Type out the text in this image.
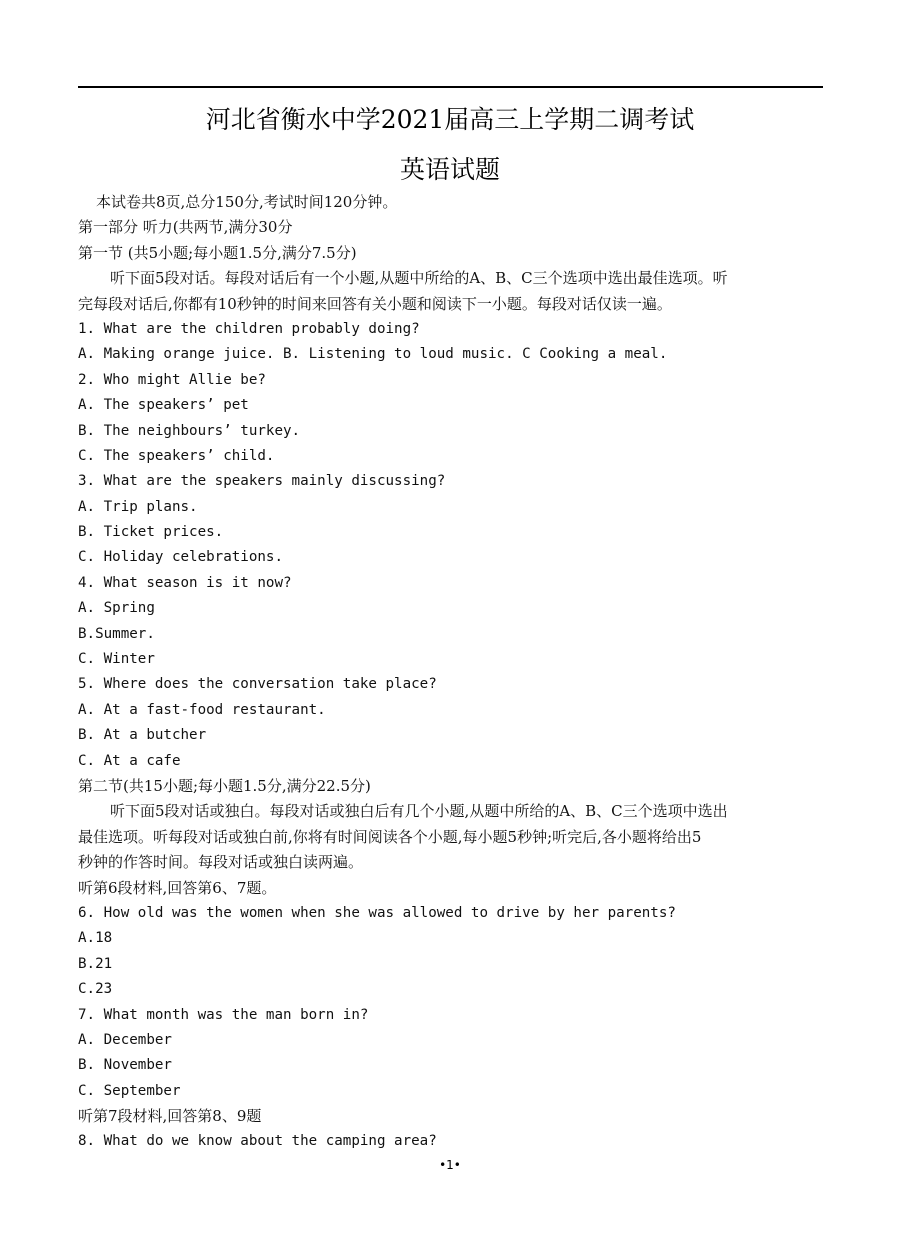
河北省衡水中学2021届高三上学期二调考试
英语试题
本试卷共8页,总分150分,考试时间120分钟。
第一部分 听力(共两节,满分30分
第一节 (共5小题;每小题1.5分,满分7.5分)
听下面5段对话。每段对话后有一个小题,从题中所给的A、B、C三个选项中选出最佳选项。听
完每段对话后,你都有10秒钟的时间来回答有关小题和阅读下一小题。每段对话仅读一遍。
1. What are the children probably doing?
A. Making orange juice. B. Listening to loud music. C Cooking a meal.
2. Who might Allie be?
A. The speakers’ pet
B. The neighbours’ turkey.
C. The speakers’ child.
3. What are the speakers mainly discussing?
A. Trip plans.
B. Ticket prices.
C. Holiday celebrations.
4. What season is it now?
A. Spring
B.Summer.
C. Winter
5. Where does the conversation take place?
A. At a fast-food restaurant.
B. At a butcher
C. At a cafe
第二节(共15小题;每小题1.5分,满分22.5分)
听下面5段对话或独白。每段对话或独白后有几个小题,从题中所给的A、B、C三个选项中选出
最佳选项。听每段对话或独白前,你将有时间阅读各个小题,每小题5秒钟;听完后,各小题将给出5
秒钟的作答时间。每段对话或独白读两遍。
听第6段材料,回答第6、7题。
6. How old was the women when she was allowed to drive by her parents?
A.18
B.21
C.23
7. What month was the man born in?
A. December
B. November
C. September
听第7段材料,回答第8、9题
8. What do we know about the camping area?
•1•
